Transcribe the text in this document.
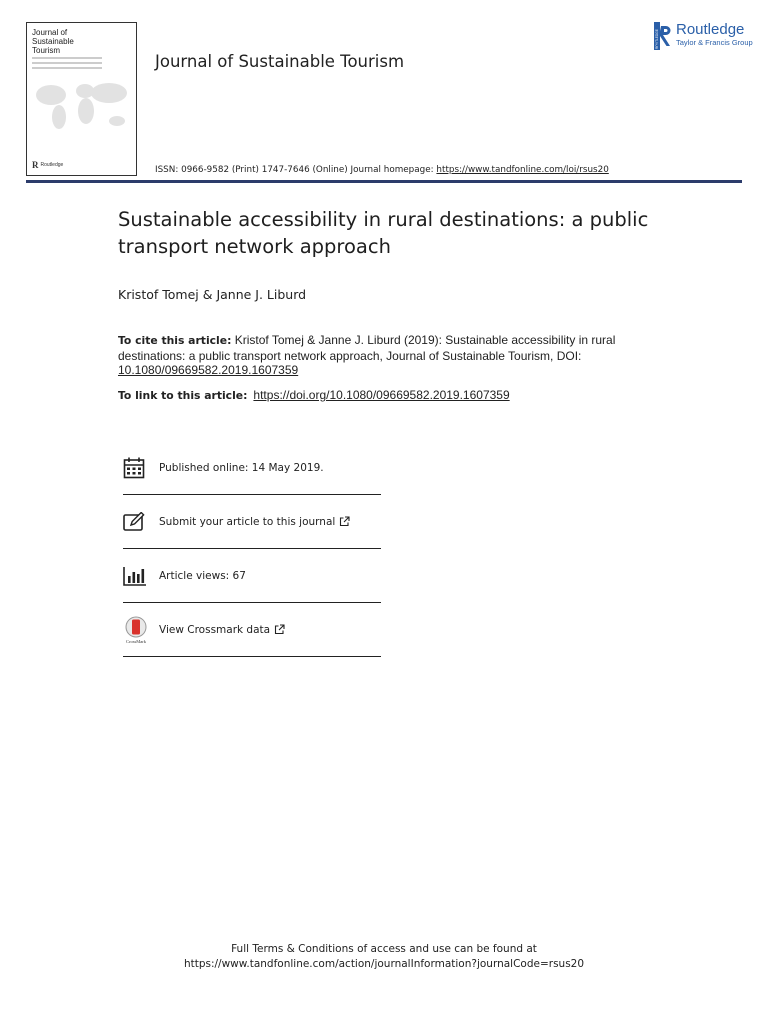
Journal of
Sustainable
Tourism
R Routledge
Journal of Sustainable Tourism
ISSN: 0966-9582 (Print) 1747-7646 (Online) Journal homepage: https://www.tandfonline.com/loi/rsus20
ROUTLEDGE Routledge
Taylor & Francis Group
Sustainable accessibility in rural destinations: a public transport network approach
Kristof Tomej & Janne J. Liburd
To cite this article: Kristof Tomej & Janne J. Liburd (2019): Sustainable accessibility in rural destinations: a public transport network approach, Journal of Sustainable Tourism, DOI:
10.1080/09669582.2019.1607359
To link to this article: https://doi.org/10.1080/09669582.2019.1607359
Published online: 14 May 2019.
Submit your article to this journal
Article views: 67
CrossMark
View Crossmark data
Full Terms & Conditions of access and use can be found at
https://www.tandfonline.com/action/journalInformation?journalCode=rsus20
